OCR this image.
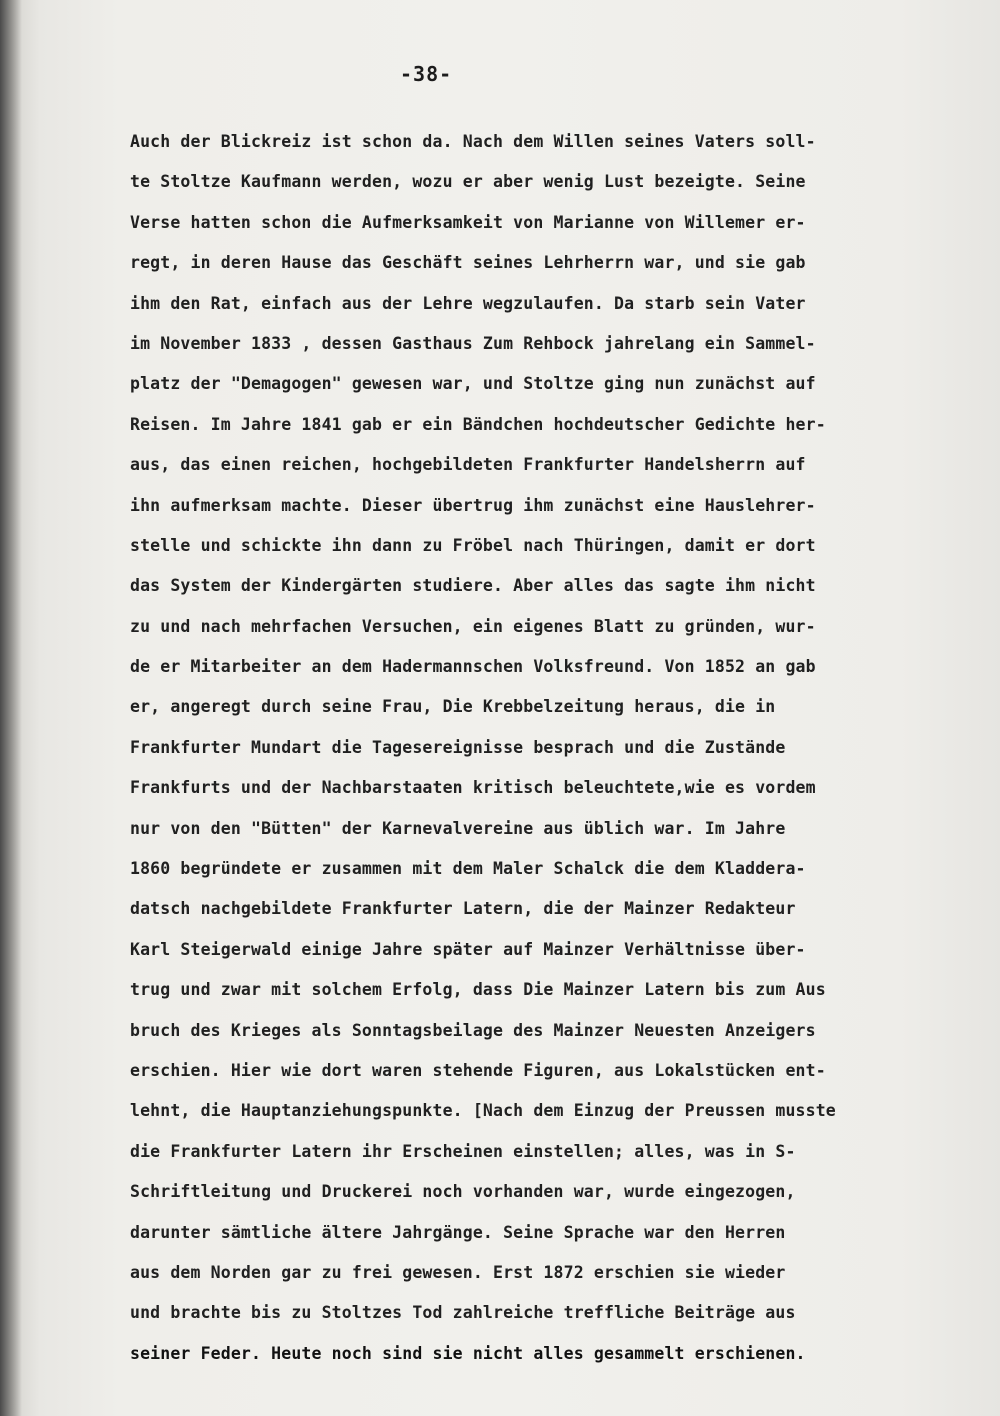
-38-
Auch der Blickreiz ist schon da. Nach dem Willen seines Vaters soll-
te Stoltze Kaufmann werden, wozu er aber wenig Lust bezeigte. Seine
Verse hatten schon die Aufmerksamkeit von Marianne von Willemer er-
regt, in deren Hause das Geschäft seines Lehrherrn war, und sie gab
ihm den Rat, einfach aus der Lehre wegzulaufen. Da starb sein Vater
im November 1833 , dessen Gasthaus Zum Rehbock jahrelang ein Sammel-
platz der "Demagogen" gewesen war, und Stoltze ging nun zunächst auf
Reisen. Im Jahre 1841 gab er ein Bändchen hochdeutscher Gedichte her-
aus, das einen reichen, hochgebildeten Frankfurter Handelsherrn auf
ihn aufmerksam machte. Dieser übertrug ihm zunächst eine Hauslehrer-
stelle und schickte ihn dann zu Fröbel nach Thüringen, damit er dort
das System der Kindergärten studiere. Aber alles das sagte ihm nicht
zu und nach mehrfachen Versuchen, ein eigenes Blatt zu gründen, wur-
de er Mitarbeiter an dem Hadermannschen Volksfreund. Von 1852 an gab
er, angeregt durch seine Frau, Die Krebbelzeitung heraus, die in
Frankfurter Mundart die Tagesereignisse besprach und die Zustände
Frankfurts und der Nachbarstaaten kritisch beleuchtete,wie es vordem
nur von den "Bütten" der Karnevalvereine aus üblich war. Im Jahre
1860 begründete er zusammen mit dem Maler Schalck die dem Kladdera-
datsch nachgebildete Frankfurter Latern, die der Mainzer Redakteur
Karl Steigerwald einige Jahre später auf Mainzer Verhältnisse über-
trug und zwar mit solchem Erfolg, dass Die Mainzer Latern bis zum Aus
bruch des Krieges als Sonntagsbeilage des Mainzer Neuesten Anzeigers
erschien. Hier wie dort waren stehende Figuren, aus Lokalstücken ent-
lehnt, die Hauptanziehungspunkte. [Nach dem Einzug der Preussen musste
die Frankfurter Latern ihr Erscheinen einstellen; alles, was in S-
Schriftleitung und Druckerei noch vorhanden war, wurde eingezogen,
darunter sämtliche ältere Jahrgänge. Seine Sprache war den Herren
aus dem Norden gar zu frei gewesen. Erst 1872 erschien sie wieder
und brachte bis zu Stoltzes Tod zahlreiche treffliche Beiträge aus
seiner Feder. Heute noch sind sie nicht alles gesammelt erschienen.
